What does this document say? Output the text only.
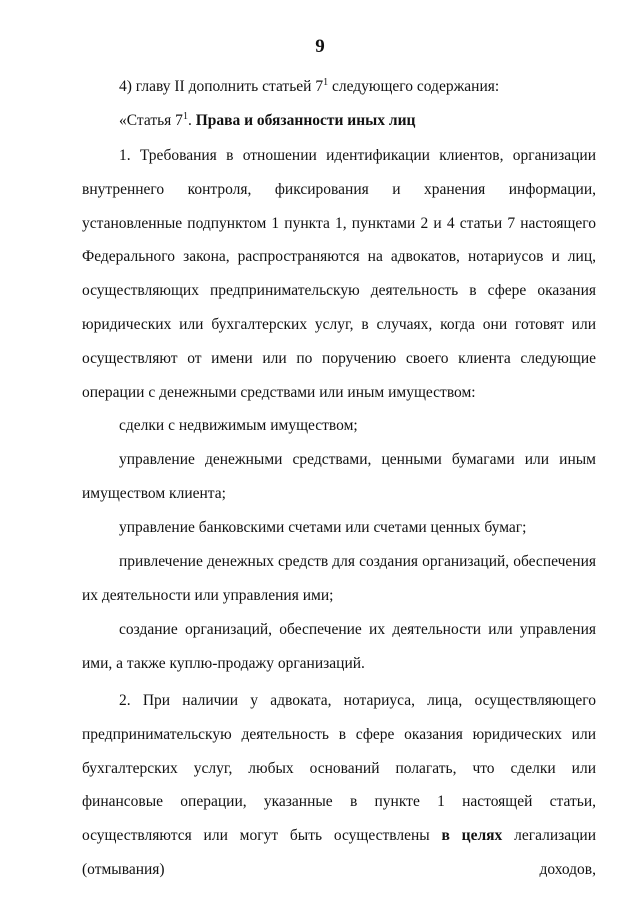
9
4) главу II дополнить статьей $7^1$ следующего содержания:
«Статья $7^1$. Права и обязанности иных лиц
1. Требования в отношении идентификации клиентов, организации внутреннего контроля, фиксирования и хранения информации, установленные подпунктом 1 пункта 1, пунктами 2 и 4 статьи 7 настоящего Федерального закона, распространяются на адвокатов, нотариусов и лиц, осуществляющих предпринимательскую деятельность в сфере оказания юридических или бухгалтерских услуг, в случаях, когда они готовят или осуществляют от имени или по поручению своего клиента следующие операции с денежными средствами или иным имуществом:
сделки с недвижимым имуществом;
управление денежными средствами, ценными бумагами или иным имуществом клиента;
управление банковскими счетами или счетами ценных бумаг;
привлечение денежных средств для создания организаций, обеспечения их деятельности или управления ими;
создание организаций, обеспечение их деятельности или управления ими, а также куплю-продажу организаций.
2. При наличии у адвоката, нотариуса, лица, осуществляющего предпринимательскую деятельность в сфере оказания юридических или бухгалтерских услуг, любых оснований полагать, что сделки или финансовые операции, указанные в пункте 1 настоящей статьи, осуществляются или могут быть осуществлены в целях легализации (отмывания) доходов,
